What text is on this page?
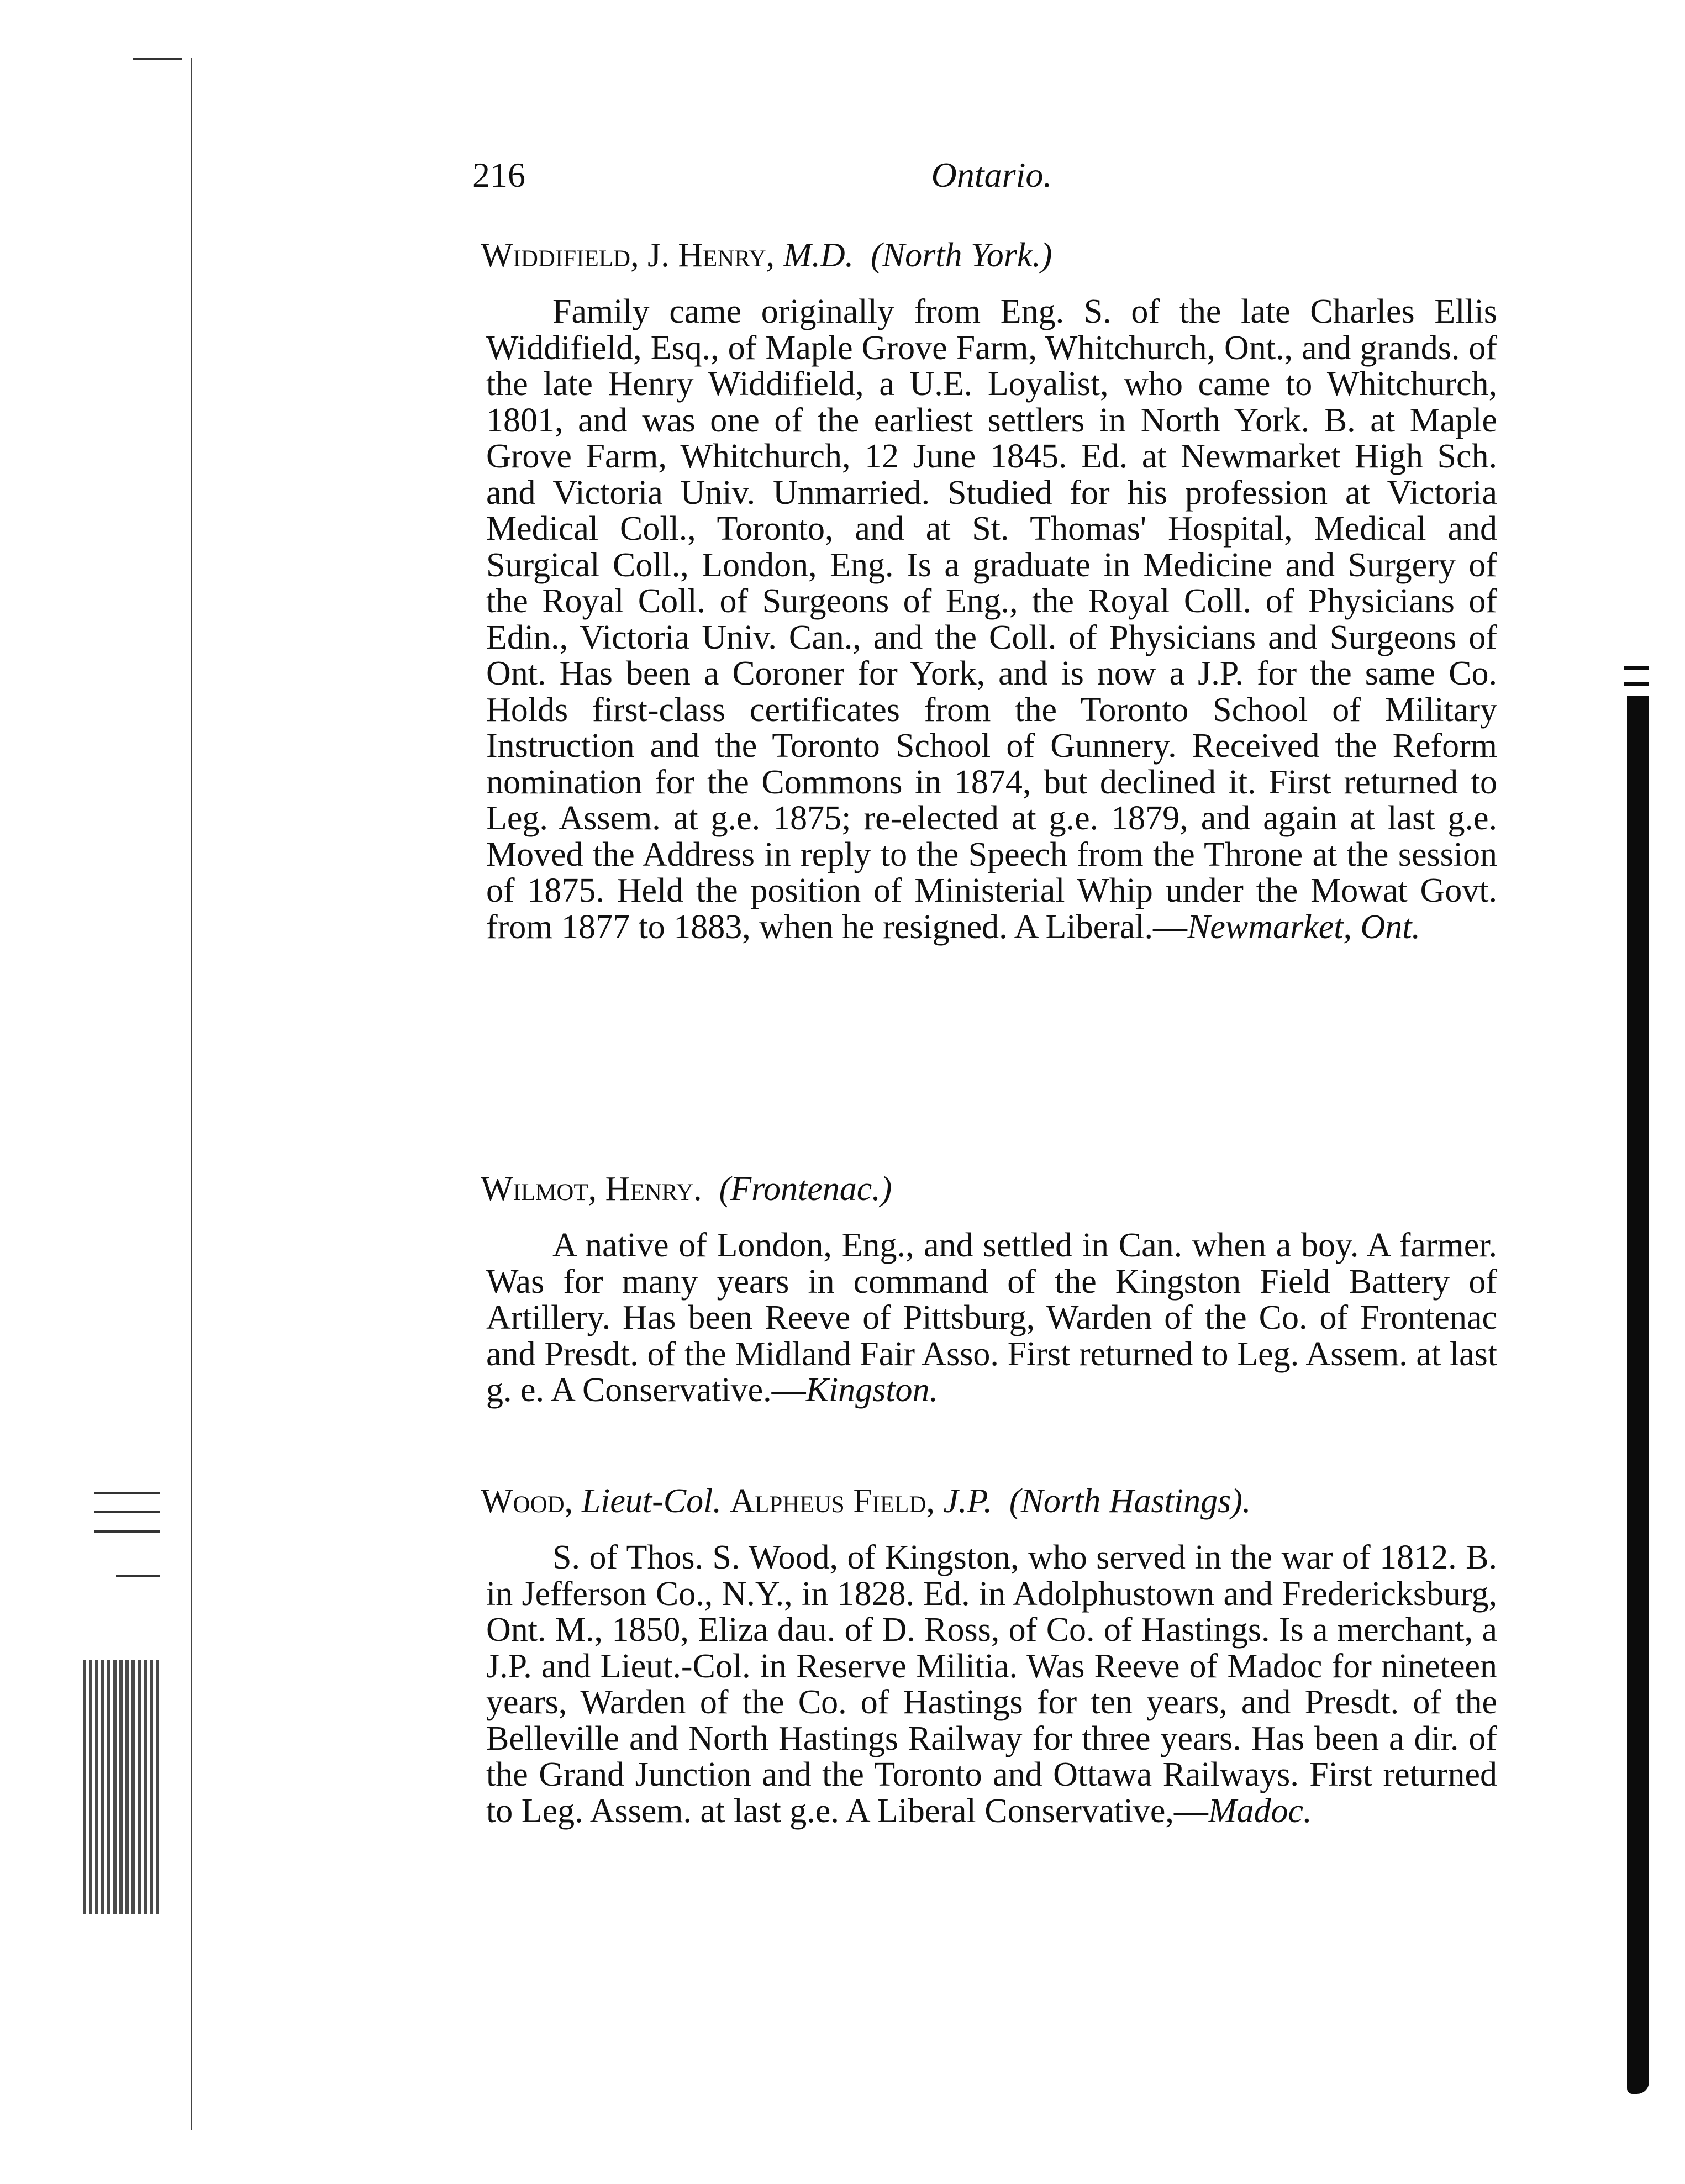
216	Ontario.
Widdifield, J. Henry, M.D. (North York.)

Family came originally from Eng. S. of the late Charles Ellis Widdifield, Esq., of Maple Grove Farm, Whitchurch, Ont., and grands. of the late Henry Widdifield, a U.E. Loyalist, who came to Whitchurch, 1801, and was one of the earliest settlers in North York. B. at Maple Grove Farm, Whitchurch, 12 June 1845. Ed. at Newmarket High Sch. and Victoria Univ. Unmarried. Studied for his profession at Victoria Medical Coll., Toronto, and at St. Thomas' Hospital, Medical and Surgical Coll., London, Eng. Is a graduate in Medicine and Surgery of the Royal Coll. of Surgeons of Eng., the Royal Coll. of Physicians of Edin., Victoria Univ. Can., and the Coll. of Physicians and Surgeons of Ont. Has been a Coroner for York, and is now a J.P. for the same Co. Holds first-class certificates from the Toronto School of Military Instruction and the Toronto School of Gunnery. Received the Reform nomination for the Commons in 1874, but declined it. First returned to Leg. Assem. at g.e. 1875; re-elected at g.e. 1879, and again at last g.e. Moved the Address in reply to the Speech from the Throne at the session of 1875. Held the position of Ministerial Whip under the Mowat Govt. from 1877 to 1883, when he resigned. A Liberal.—Newmarket, Ont.

Wilmot, Henry. (Frontenac.)

A native of London, Eng., and settled in Can. when a boy. A farmer. Was for many years in command of the Kingston Field Battery of Artillery. Has been Reeve of Pittsburg, Warden of the Co. of Frontenac and Presdt. of the Midland Fair Asso. First returned to Leg. Assem. at last g. e. A Conservative.—Kingston.

Wood, Lieut-Col. Alpheus Field, J.P. (North Hastings).

S. of Thos. S. Wood, of Kingston, who served in the war of 1812. B. in Jefferson Co., N.Y., in 1828. Ed. in Adolphustown and Fredericksburg, Ont. M., 1850, Eliza dau. of D. Ross, of Co. of Hastings. Is a merchant, a J.P. and Lieut.-Col. in Reserve Militia. Was Reeve of Madoc for nineteen years, Warden of the Co. of Hastings for ten years, and Presdt. of the Belleville and North Hastings Railway for three years. Has been a dir. of the Grand Junction and the Toronto and Ottawa Railways. First returned to Leg. Assem. at last g.e. A Liberal Conservative,—Madoc.
